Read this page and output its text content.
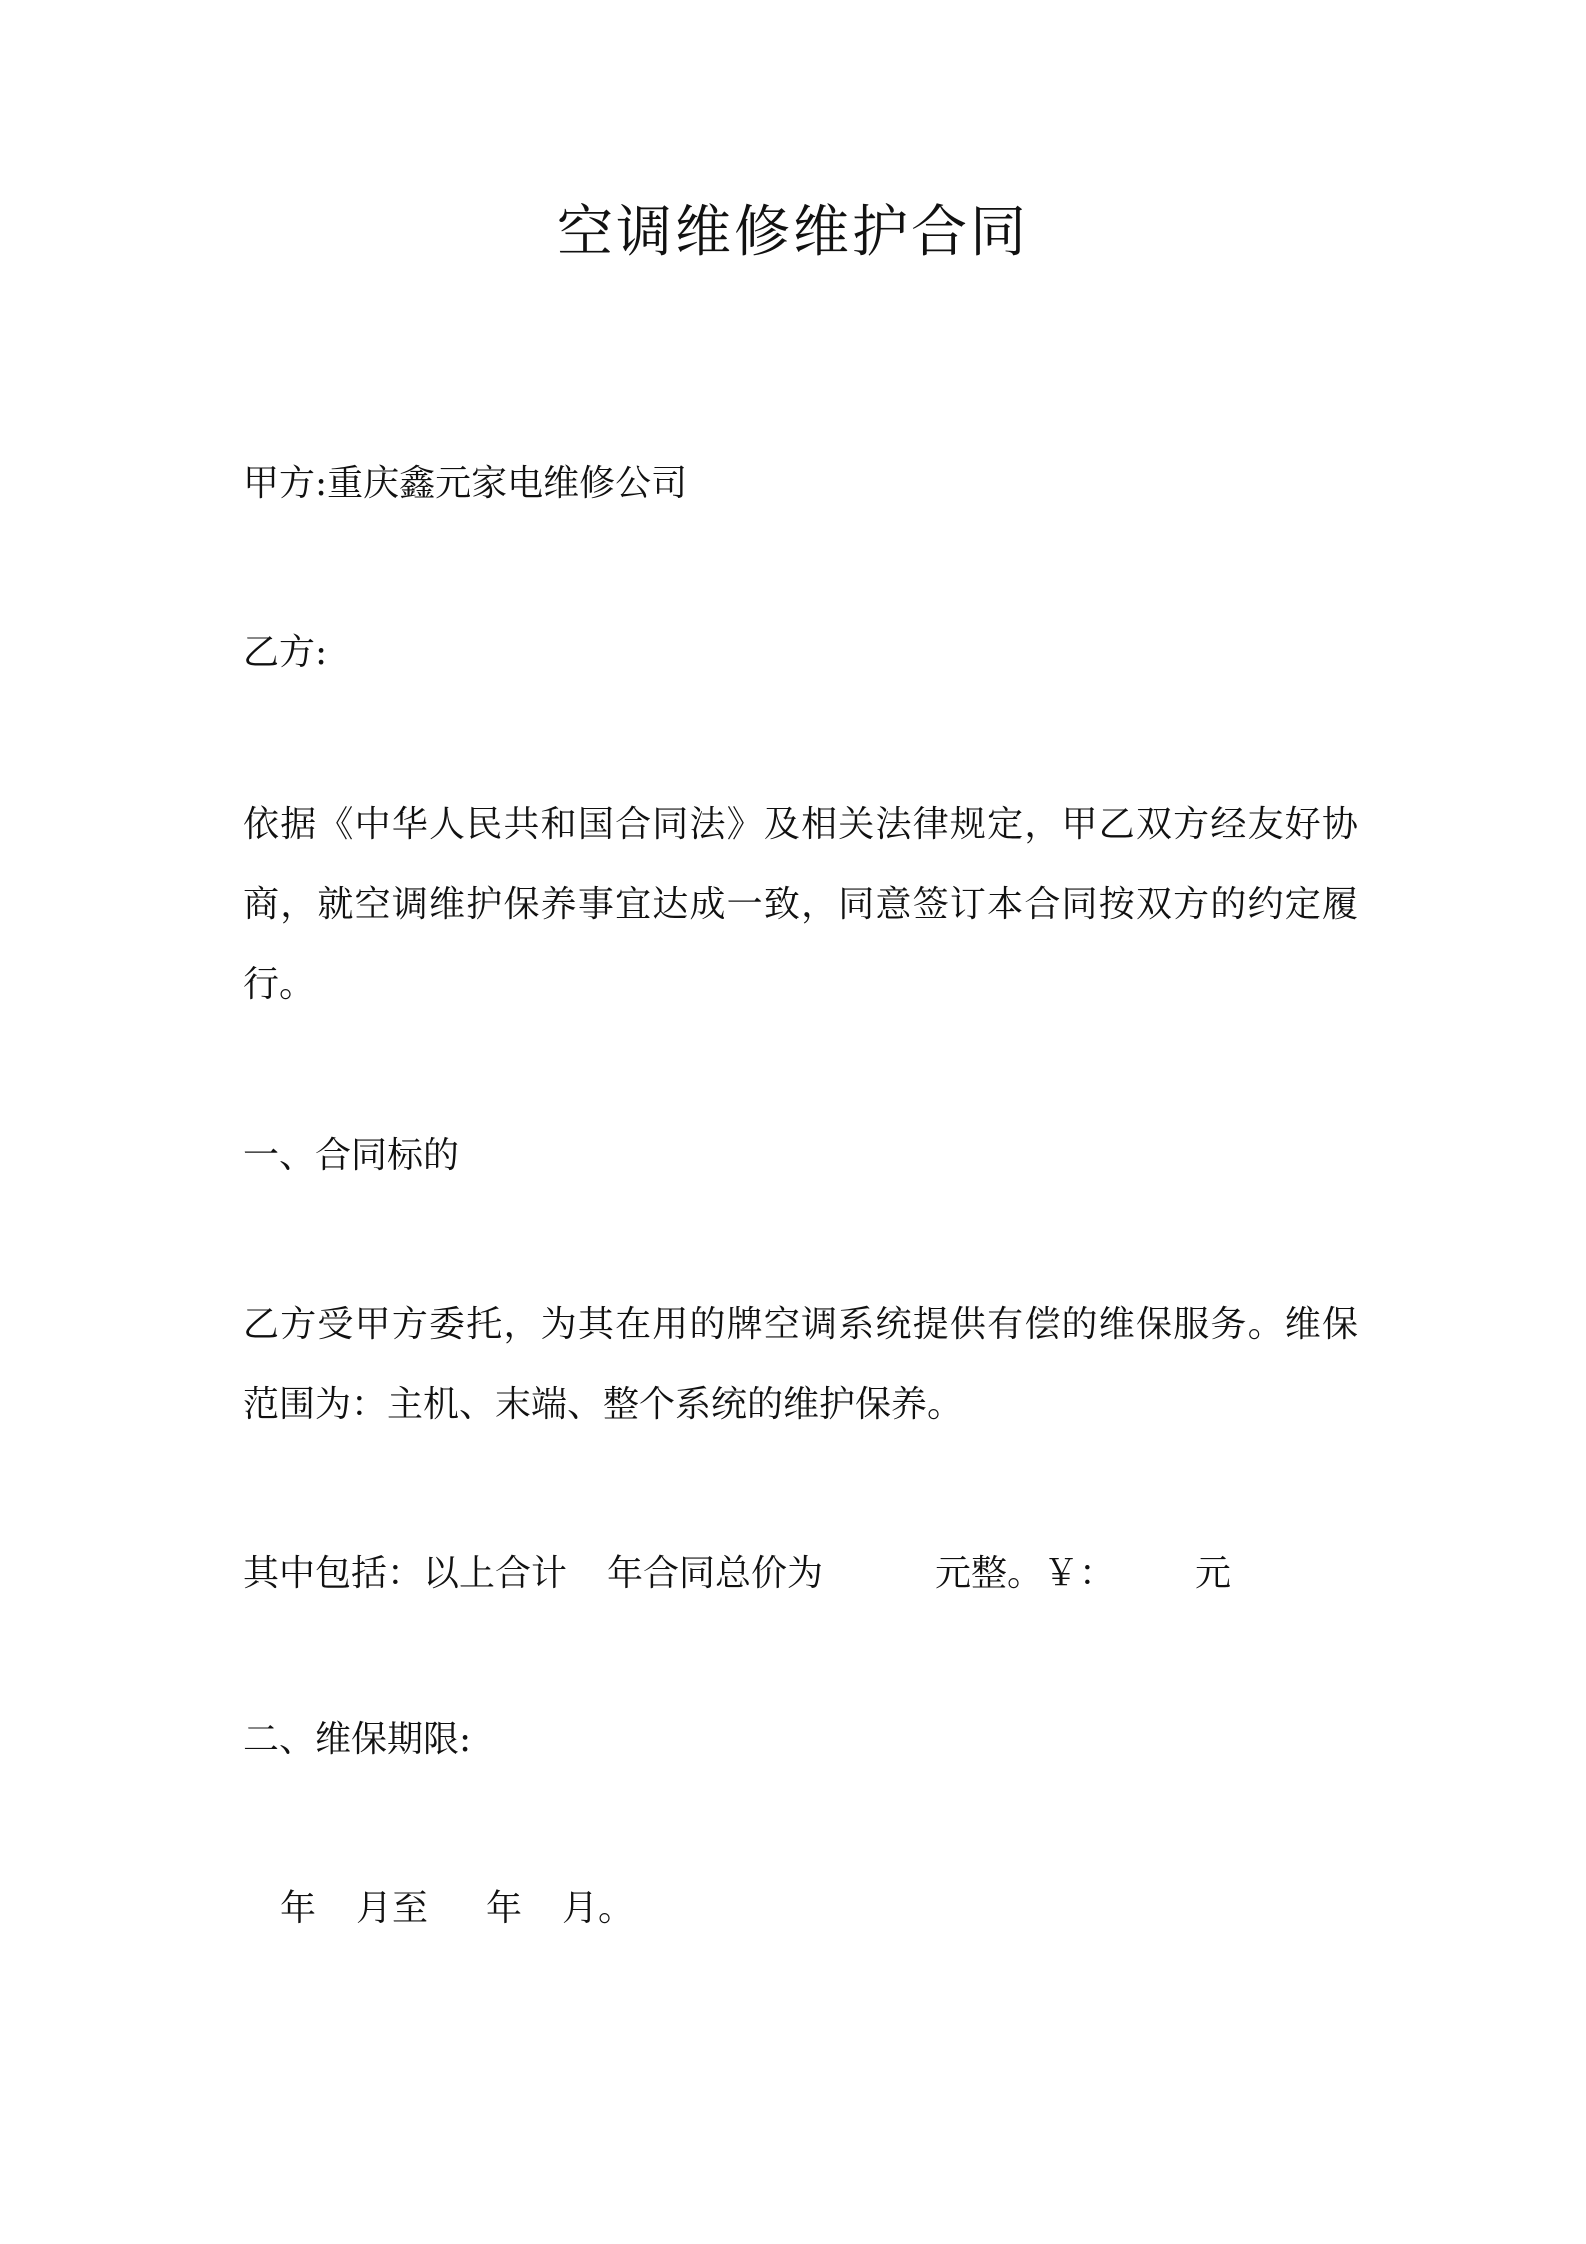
空调维修维护合同
甲方:重庆鑫元家电维修公司
乙方:
依据《中华人民共和国合同法》及相关法律规定，甲乙双方经友好协商，就空调维护保养事宜达成一致，同意签订本合同按双方的约定履行。
一、合同标的
乙方受甲方委托，为其在用的牌空调系统提供有偿的维保服务。维保范围为：主机、末端、整个系统的维护保养。
其中包括：以上合计 年合同总价为	元整。￥： 元
二、维保期限:
年 月至 年 月。
